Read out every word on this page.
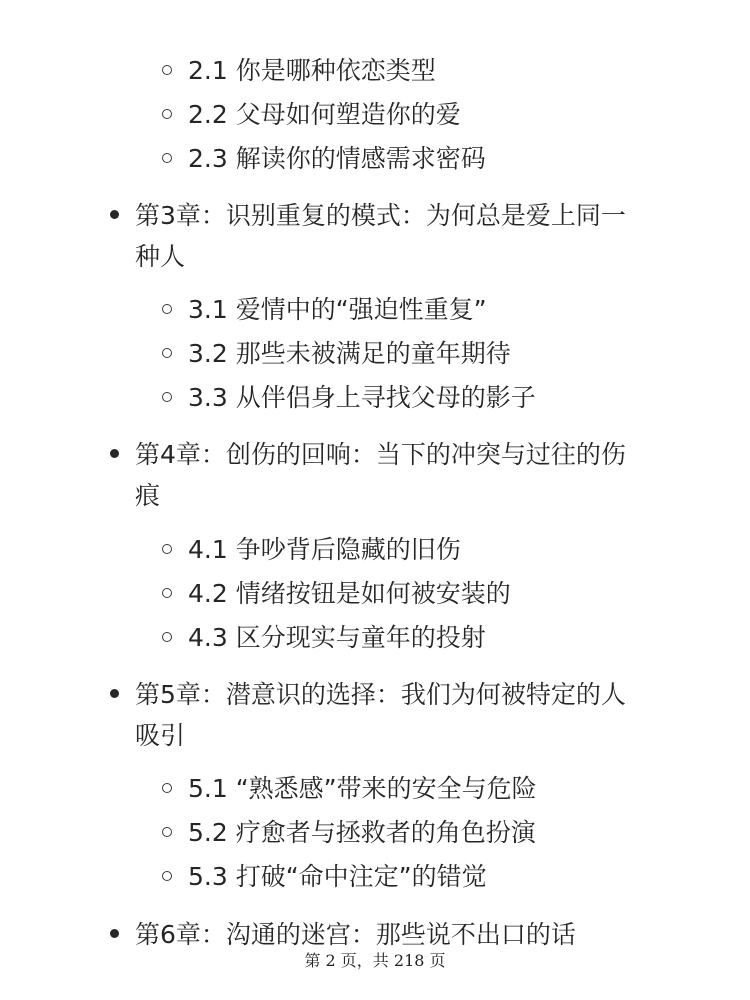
2.1 你是哪种依恋类型
2.2 父母如何塑造你的爱
2.3 解读你的情感需求密码
第3章：识别重复的模式：为何总是爱上同一
种人
3.1 爱情中的“强迫性重复”
3.2 那些未被满足的童年期待
3.3 从伴侣身上寻找父母的影子
第4章：创伤的回响：当下的冲突与过往的伤
痕
4.1 争吵背后隐藏的旧伤
4.2 情绪按钮是如何被安装的
4.3 区分现实与童年的投射
第5章：潜意识的选择：我们为何被特定的人
吸引
5.1 “熟悉感”带来的安全与危险
5.2 疗愈者与拯救者的角色扮演
5.3 打破“命中注定”的错觉
第6章：沟通的迷宫：那些说不出口的话
第 2 页，共 218 页
